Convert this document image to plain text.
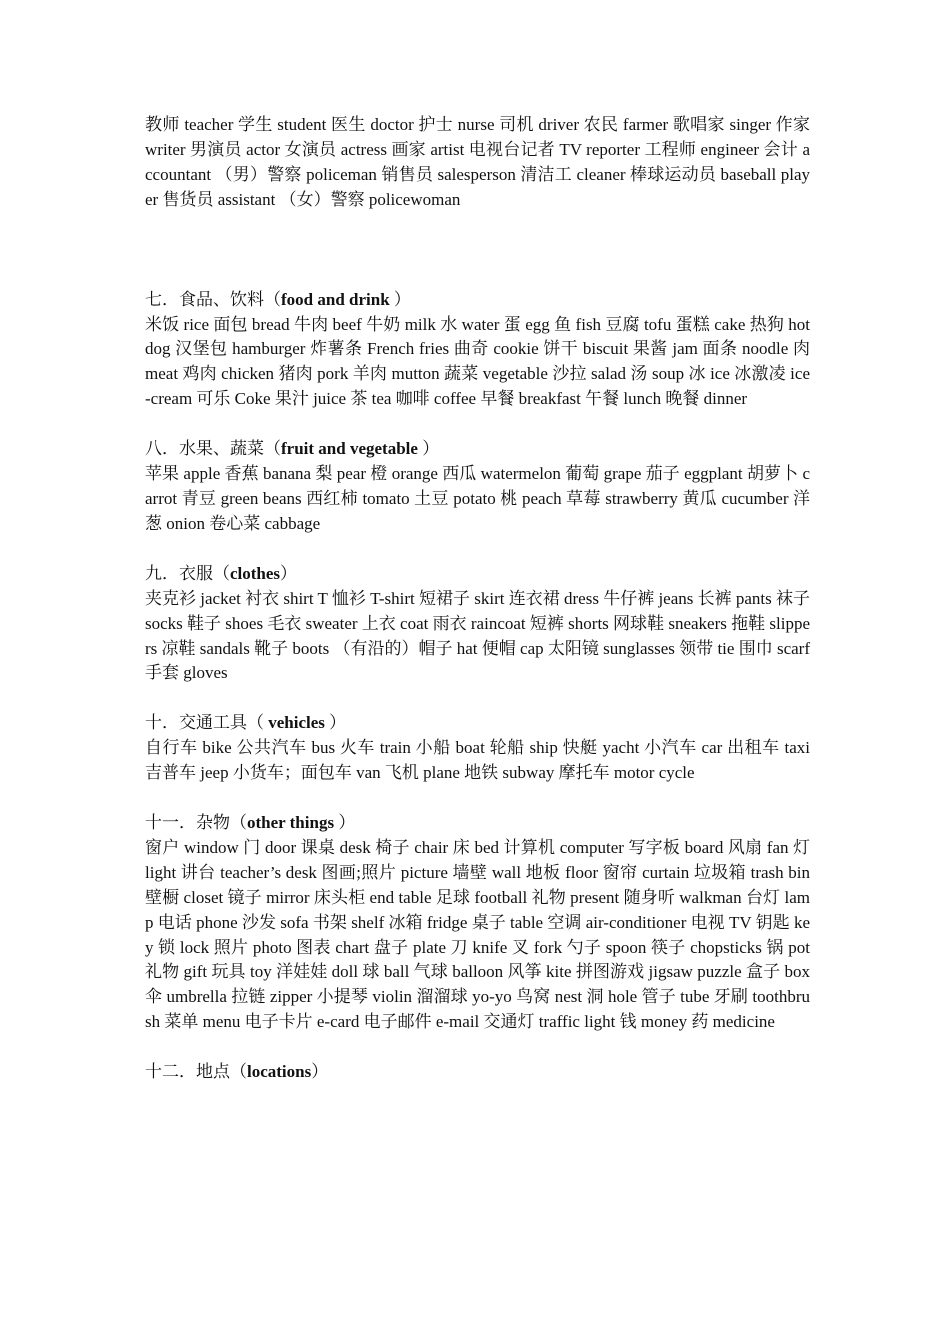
教师 teacher 学生 student 医生 doctor 护士 nurse 司机 driver 农民 farmer 歌唱家 singer 作家 writer 男演员 actor 女演员 actress 画家 artist 电视台记者 TV reporter 工程师 engineer 会计 accountant （男）警察 policeman 销售员 salesperson 清洁工 cleaner 棒球运动员 baseball player 售货员 assistant （女）警察 policewoman

七．食品、饮料（food and drink ）

米饭 rice 面包 bread 牛肉 beef 牛奶 milk 水 water 蛋 egg 鱼 fish 豆腐 tofu 蛋糕 cake 热狗 hot dog 汉堡包 hamburger 炸薯条 French fries 曲奇 cookie 饼干 biscuit 果酱 jam 面条 noodle 肉 meat 鸡肉 chicken 猪肉 pork 羊肉 mutton 蔬菜 vegetable 沙拉 salad 汤 soup 冰 ice 冰激凌 ice-cream 可乐 Coke 果汁 juice 茶 tea 咖啡 coffee 早餐 breakfast 午餐 lunch 晚餐 dinner

八．水果、蔬菜（fruit and vegetable ）

苹果 apple 香蕉 banana 梨 pear 橙 orange 西瓜 watermelon 葡萄 grape 茄子 eggplant 胡萝卜 carrot 青豆 green beans 西红柿 tomato 土豆 potato 桃 peach 草莓 strawberry 黄瓜 cucumber 洋葱 onion 卷心菜 cabbage

九．衣服（clothes）

夹克衫 jacket 衬衣 shirt T 恤衫 T-shirt 短裙子 skirt 连衣裙 dress 牛仔裤 jeans 长裤 pants 袜子 socks 鞋子 shoes 毛衣 sweater 上衣 coat 雨衣 raincoat 短裤 shorts 网球鞋 sneakers 拖鞋 slippers 凉鞋 sandals 靴子 boots （有沿的）帽子 hat 便帽 cap 太阳镜 sunglasses 领带 tie 围巾 scarf 手套 gloves

十．交通工具（ vehicles ）

自行车 bike 公共汽车 bus 火车 train 小船 boat 轮船 ship 快艇 yacht 小汽车 car 出租车 taxi 吉普车 jeep 小货车；面包车 van 飞机 plane 地铁 subway 摩托车 motor cycle

十一．杂物（other things ）

窗户 window 门 door 课桌 desk 椅子 chair 床 bed 计算机 computer 写字板 board 风扇 fan 灯 light 讲台 teacher’s desk 图画;照片 picture 墙壁 wall 地板 floor 窗帘 curtain 垃圾箱 trash bin 壁橱 closet 镜子 mirror 床头柜 end table 足球 football 礼物 present 随身听 walkman 台灯 lamp 电话 phone 沙发 sofa 书架 shelf 冰箱 fridge 桌子 table 空调 air-conditioner 电视 TV 钥匙 key 锁 lock 照片 photo 图表 chart 盘子 plate 刀 knife 叉 fork 勺子 spoon 筷子 chopsticks 锅 pot 礼物 gift 玩具 toy 洋娃娃 doll 球 ball 气球 balloon 风筝 kite 拼图游戏 jigsaw puzzle 盒子 box 伞 umbrella 拉链 zipper 小提琴 violin 溜溜球 yo-yo 鸟窝 nest 洞 hole 管子 tube 牙刷 toothbrush 菜单 menu 电子卡片 e-card 电子邮件 e-mail 交通灯 traffic light 钱 money 药 medicine

十二．地点（locations）
